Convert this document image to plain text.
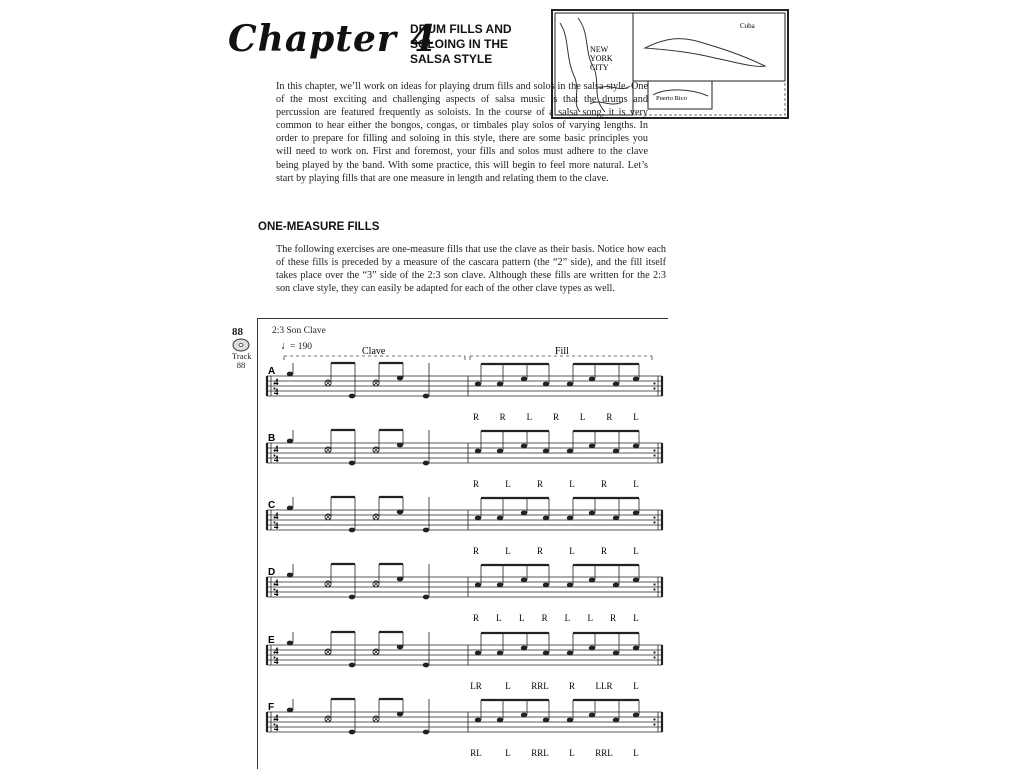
Chapter 4
DRUM FILLS AND
SOLOING IN THE
SALSA STYLE
NEW
YORK
CITY
Cuba
Puerto Rico

In this chapter, we’ll work on ideas for playing drum fills and solos in the salsa style. One of the most exciting and challenging aspects of salsa music is that the drums and percussion are featured frequently as soloists. In the course of a salsa song, it is very common to hear either the bongos, congas, or timbales play solos of varying lengths. In order to prepare for filling and soloing in this style, there are some basic principles you will need to work on. First and foremost, your fills and solos must adhere to the clave being played by the band. With some practice, this will begin to feel more natural. Let’s start by playing fills that are one measure in length and relating them to the clave.

ONE-MEASURE FILLS

The following exercises are one-measure fills that use the clave as their basis. Notice how each of these fills is preceded by a measure of the cascara pattern (the “2” side), and the fill itself takes place over the “3” side of the 2:3 son clave. Although these fills are written for the 2:3 son clave style, they can easily be adapted for each of the other clave types as well.

88
Track
88
2:3 Son Clave
♩
= 190	Clave	Fill
A
4
4
R R L R L R L
B
4
4
R	L	R	L	R	L
C
4
4
R	L	R	L	R	L
D
4
4
R L L R L L R L
E
4
4
LR	L RRL R LLR L
F
4
4
RL	L RRL L RRL L
